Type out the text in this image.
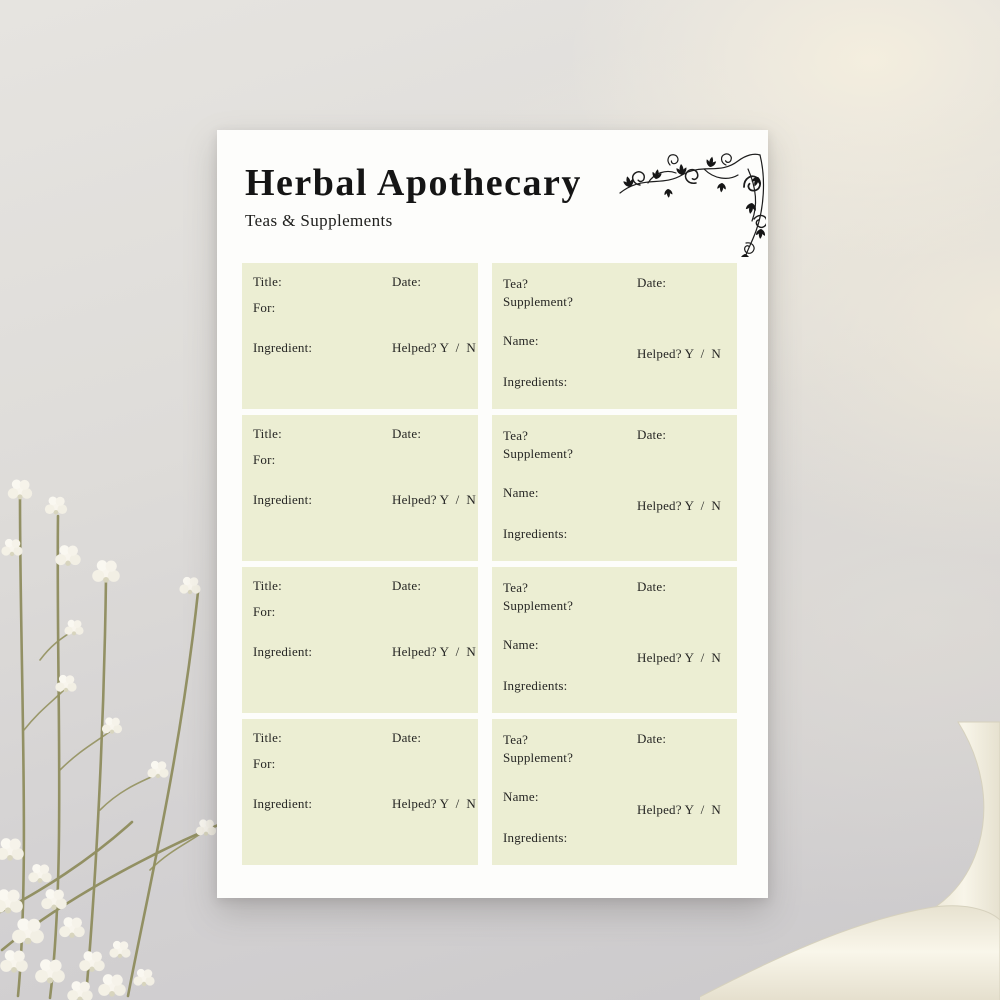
Herbal Apothecary
Teas & Supplements
Title:	Date:
For:
Ingredient:	Helped? Y  /  N
Tea?
Supplement?
Date:
Name:
Helped? Y  /  N
Ingredients:
Title:	Date:
For:
Ingredient:	Helped? Y  /  N
Tea?
Supplement?
Date:
Name:
Helped? Y  /  N
Ingredients:
Title:	Date:
For:
Ingredient:	Helped? Y  /  N
Tea?
Supplement?
Date:
Name:
Helped? Y  /  N
Ingredients:
Title:	Date:
For:
Ingredient:	Helped? Y  /  N
Tea?
Supplement?
Date:
Name:
Helped? Y  /  N
Ingredients:
